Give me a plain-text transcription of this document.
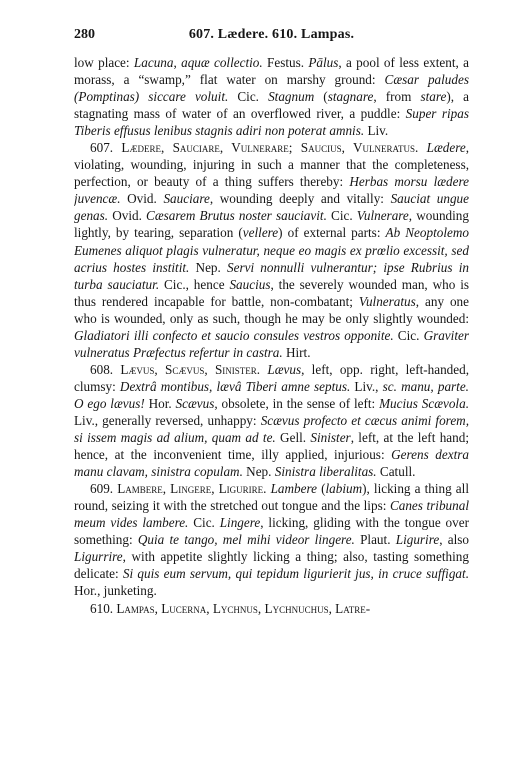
280	607. Lædere. 610. Lampas.

low place: Lacuna, aquæ collectio. Festus. Pālus, a pool of less extent, a morass, a “swamp,” flat water on marshy ground: Cæsar paludes (Pomptinas) siccare voluit. Cic. Stagnum (stagnare, from stare), a stagnating mass of water of an overflowed river, a puddle: Super ripas Tiberis effusus lenibus stagnis adiri non poterat amnis. Liv.

607. Lædere, Sauciare, Vulnerare; Saucius, Vulneratus. Lædere, violating, wounding, injuring in such a manner that the completeness, perfection, or beauty of a thing suffers thereby: Herbas morsu lædere juvencæ. Ovid. Sauciare, wounding deeply and vitally: Sauciat ungue genas. Ovid. Cæsarem Brutus noster sauciavit. Cic. Vulnerare, wounding lightly, by tearing, separation (vellere) of external parts: Ab Neoptolemo Eumenes aliquot plagis vulneratur, neque eo magis ex prœlio excessit, sed acrius hostes institit. Nep. Servi nonnulli vulnerantur; ipse Rubrius in turba sauciatur. Cic., hence Saucius, the severely wounded man, who is thus rendered incapable for battle, non-combatant; Vulneratus, any one who is wounded, only as such, though he may be only slightly wounded: Gladiatori illi confecto et saucio consules vestros opponite. Cic. Graviter vulneratus Præfectus refertur in castra. Hirt.

608. Lævus, Scævus, Sinister. Lævus, left, opp. right, left-handed, clumsy: Dextrâ montibus, lævâ Tiberi amne septus. Liv., sc. manu, parte. O ego lævus! Hor. Scævus, obsolete, in the sense of left: Mucius Scævola. Liv., generally reversed, unhappy: Scævus profecto et cæcus animi forem, si issem magis ad alium, quam ad te. Gell. Sinister, left, at the left hand; hence, at the inconvenient time, illy applied, injurious: Gerens dextra manu clavam, sinistra copulam. Nep. Sinistra liberalitas. Catull.

609. Lambere, Lingere, Ligurire. Lambere (labium), licking a thing all round, seizing it with the stretched out tongue and the lips: Canes tribunal meum vides lambere. Cic. Lingere, licking, gliding with the tongue over something: Quia te tango, mel mihi videor lingere. Plaut. Ligurire, also Ligurrire, with appetite slightly licking a thing; also, tasting something delicate: Si quis eum servum, qui tepidum ligurierit jus, in cruce suffigat. Hor., junketing.

610. Lampas, Lucerna, Lychnus, Lychnuchus, Latre-
